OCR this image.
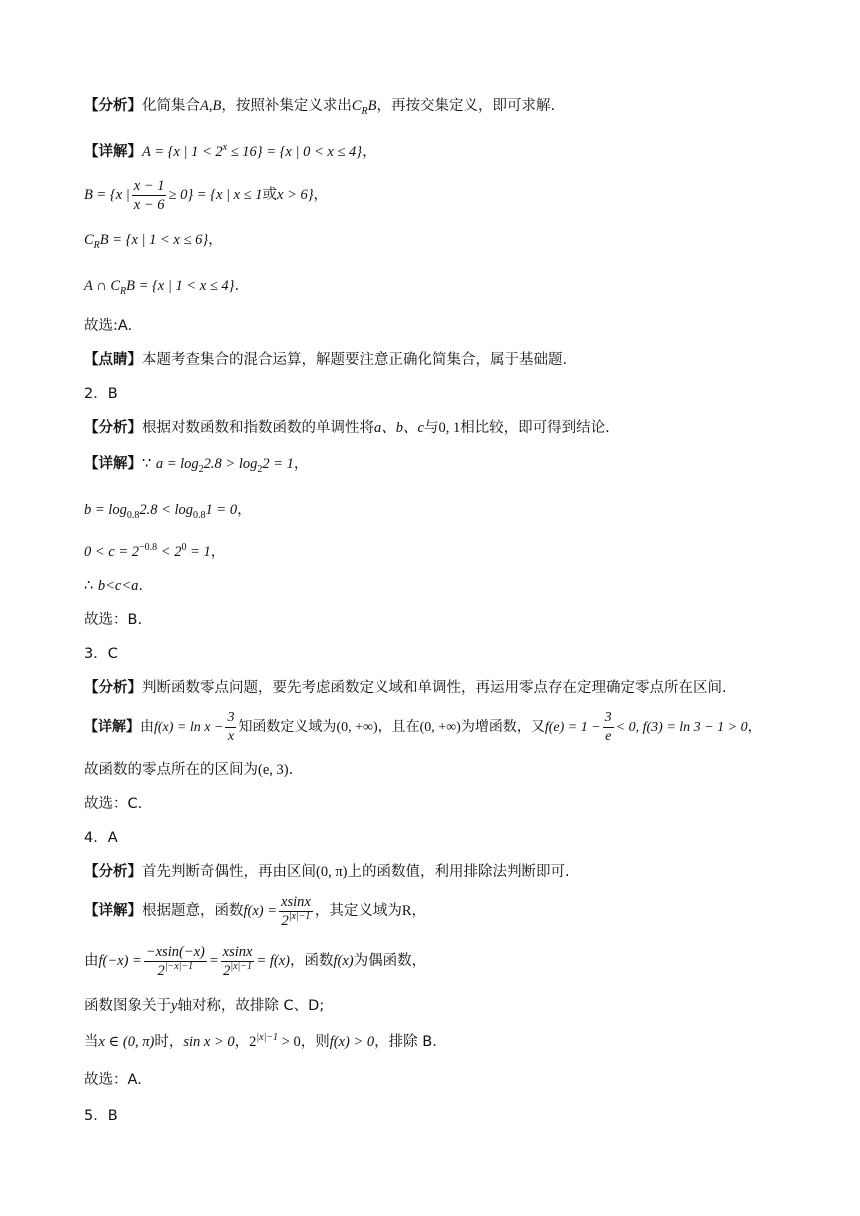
【分析】化简集合A,B，按照补集定义求出$C_RB$，再按交集定义，即可求解.
【详解】A = {x | $1 < 2^x \le 16\} = \{x$ | 0 < x ≤ 4}，
B = {x | $\frac{x - 1}{x - 6} \ge 0\} = \{x$ | x ≤ 1或x > 6}，
$C_RB = \{x$ | 1 < x ≤ 6}，
A ∩ $C_RB = \{x$ | 1 < x ≤ 4}.
故选:A.
【点睛】本题考查集合的混合运算，解题要注意正确化简集合，属于基础题.
2．B
【分析】根据对数函数和指数函数的单调性将a、b、c与0, 1相比较，即可得到结论.
【详解】∵ $a = \log_22.8 > \log_22 = 1$，
$b = \log_{0.8}2.8 < \log_{0.8}1 = 0$，
$0 < c = 2^{-0.8} < 2^0 = 1$，
∴ b<c<a.
故选：B.
3．C
【分析】判断函数零点问题，要先考虑函数定义域和单调性，再运用零点存在定理确定零点所在区间.
【详解】由$f(x) = \ln x - \frac{3}{x}$ 知函数定义域为(0, +∞)，且在(0, +∞)为增函数，又$f(e) = 1 - \frac{3}{e} < 0$, f(3) = ln 3 − 1 > 0，
故函数的零点所在的区间为(e, 3).
故选：C.
4．A
【分析】首先判断奇偶性，再由区间(0, π)上的函数值，利用排除法判断即可.
【详解】根据题意，函数$f(x) = \frac{xsinx}{2^{|x|-1}}$ ，其定义域为R，
由$f(-x) = \frac{-xsin(-x)}{2^{|-x|-1}} = \frac{xsinx}{2^{|x|-1}} = f(x)$，函数f(x)为偶函数，
函数图象关于y轴对称，故排除 C、D;
当x ∈ (0, π)时，sin x > 0，$2^{|x|-1} > 0$，则f(x) > 0，排除 B.
故选：A.
5．B
